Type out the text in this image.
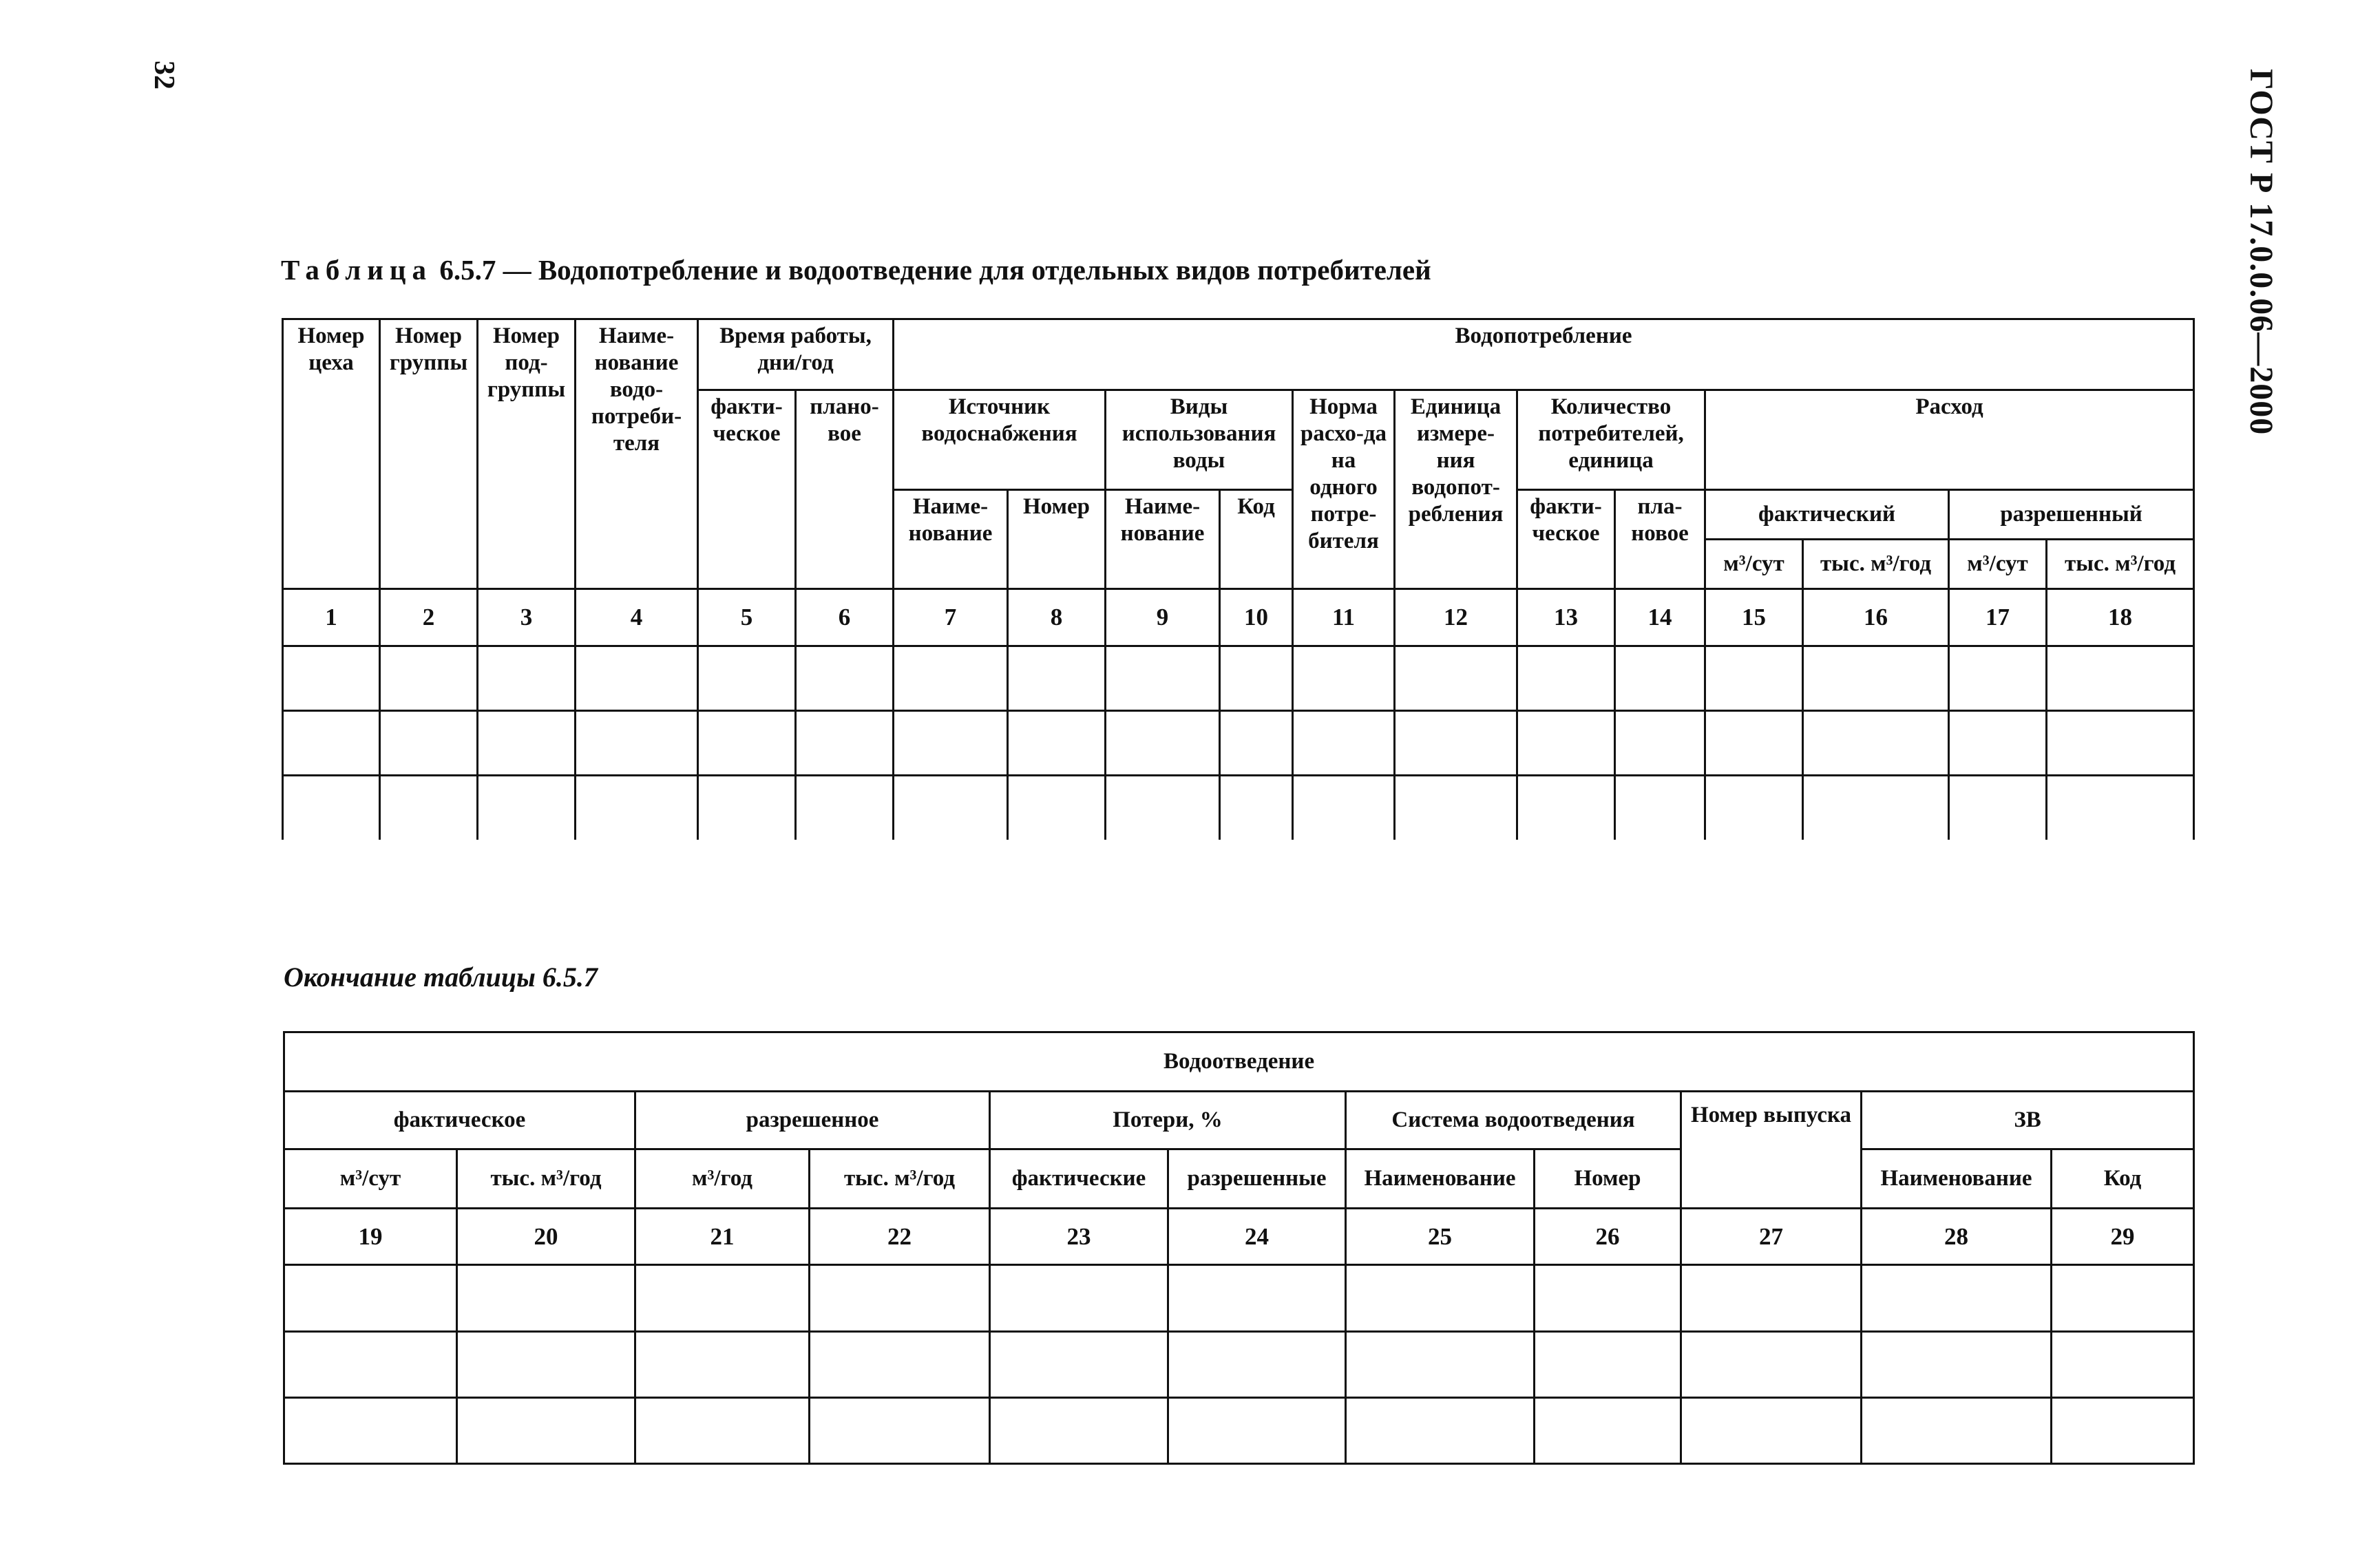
32	ГОСТ Р 17.0.0.06—2000
Таблица 6.5.7 — Водопотребление и водоотведение для отдельных видов потребителей
Номер цеха	Номер группы	Номер под-группы	Наиме-нование водо-потреби-теля	Время работы, дни/год		Водопотребление											
				факти-ческое	плано-вое	Источник водоснабжения		Виды использования воды		Норма расхо-да на одного потре-бителя	Единица измере-ния водопот-ребления	Количество потребителей, единица		Расход			
						Наиме-нование	Номер	Наиме-нование	Код			факти-ческое	пла-новое	фактический		разрешенный	
														м³/сут	тыс. м³/год	м³/сут	тыс. м³/год
1	2	3	4	5	6	7	8	9	10	11	12	13	14	15	16	17	18

Окончание таблицы 6.5.7
Водоотведение										
фактическое		разрешенное		Потери, %		Система водоотведения		Номер выпуска	ЗВ	
м³/сут	тыс. м³/год	м³/год	тыс. м³/год	фактические	разрешенные	Наименование	Номер		Наименование	Код
19	20	21	22	23	24	25	26	27	28	29
